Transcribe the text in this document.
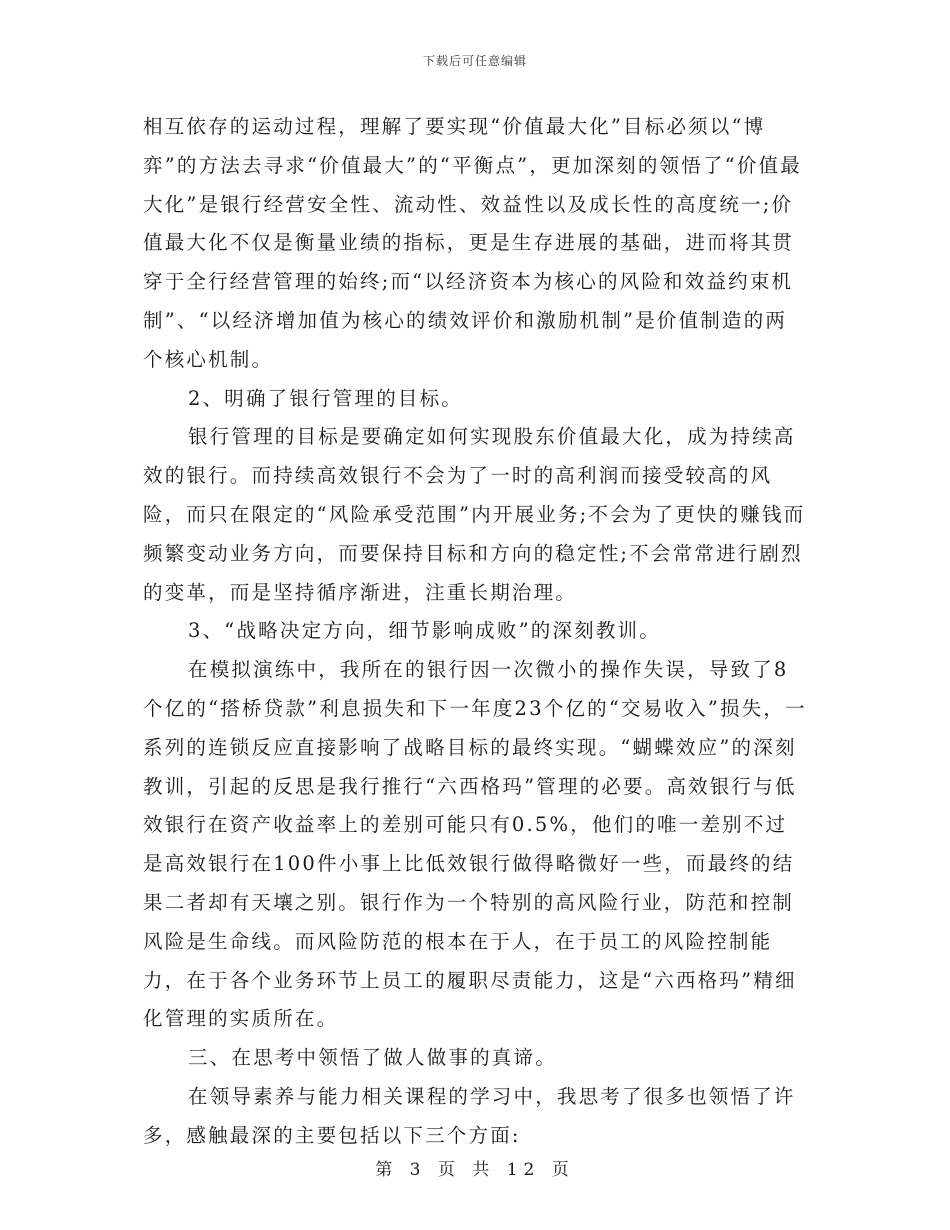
下载后可任意编辑

相互依存的运动过程，理解了要实现“价值最大化”目标必须以“博弈”的方法去寻求“价值最大”的“平衡点”，更加深刻的领悟了“价值最大化”是银行经营安全性、流动性、效益性以及成长性的高度统一;价值最大化不仅是衡量业绩的指标，更是生存进展的基础，进而将其贯穿于全行经营管理的始终;而“以经济资本为核心的风险和效益约束机制”、“以经济增加值为核心的绩效评价和激励机制”是价值制造的两个核心机制。

2、明确了银行管理的目标。

银行管理的目标是要确定如何实现股东价值最大化，成为持续高效的银行。而持续高效银行不会为了一时的高利润而接受较高的风险，而只在限定的“风险承受范围”内开展业务;不会为了更快的赚钱而频繁变动业务方向，而要保持目标和方向的稳定性;不会常常进行剧烈的变革，而是坚持循序渐进，注重长期治理。

3、“战略决定方向，细节影响成败”的深刻教训。

在模拟演练中，我所在的银行因一次微小的操作失误，导致了8个亿的“搭桥贷款”利息损失和下一年度23个亿的“交易收入”损失，一系列的连锁反应直接影响了战略目标的最终实现。“蝴蝶效应”的深刻教训，引起的反思是我行推行“六西格玛”管理的必要。高效银行与低效银行在资产收益率上的差别可能只有0.5%，他们的唯一差别不过是高效银行在100件小事上比低效银行做得略微好一些，而最终的结果二者却有天壤之别。银行作为一个特别的高风险行业，防范和控制风险是生命线。而风险防范的根本在于人，在于员工的风险控制能力，在于各个业务环节上员工的履职尽责能力，这是“六西格玛”精细化管理的实质所在。

三、在思考中领悟了做人做事的真谛。

在领导素养与能力相关课程的学习中，我思考了很多也领悟了许多，感触最深的主要包括以下三个方面:

第 3 页 共 12 页
